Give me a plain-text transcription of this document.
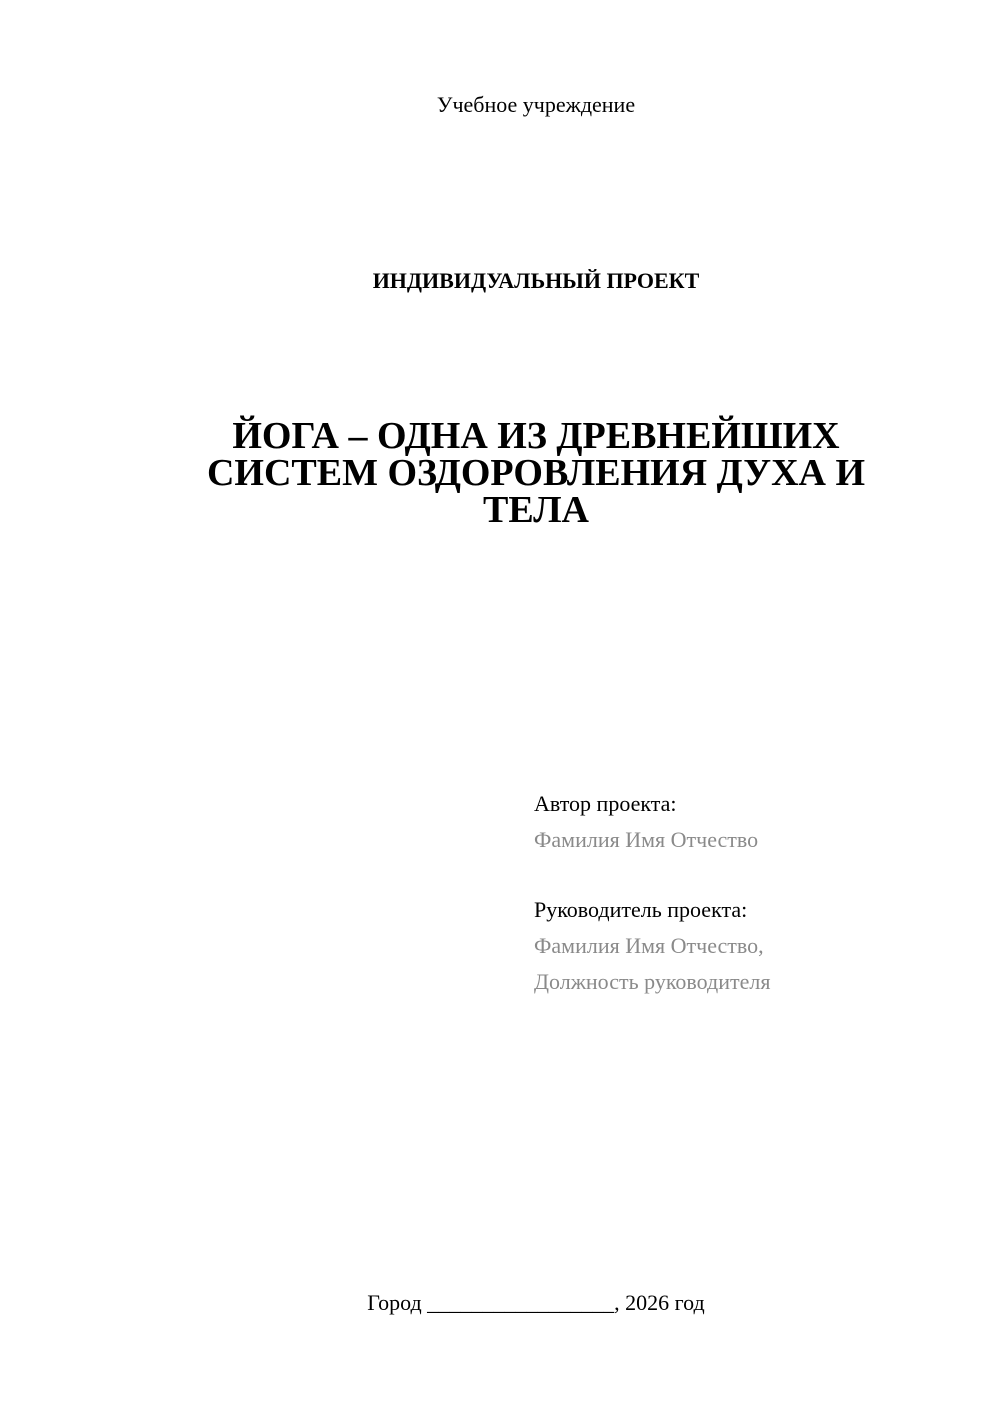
Учебное учреждение
ИНДИВИДУАЛЬНЫЙ ПРОЕКТ
ЙОГА – ОДНА ИЗ ДРЕВНЕЙШИХ
СИСТЕМ ОЗДОРОВЛЕНИЯ ДУХА И
ТЕЛА
Автор проекта:
Фамилия Имя Отчество
Руководитель проекта:
Фамилия Имя Отчество,
Должность руководителя
Город _________________, 2026 год
